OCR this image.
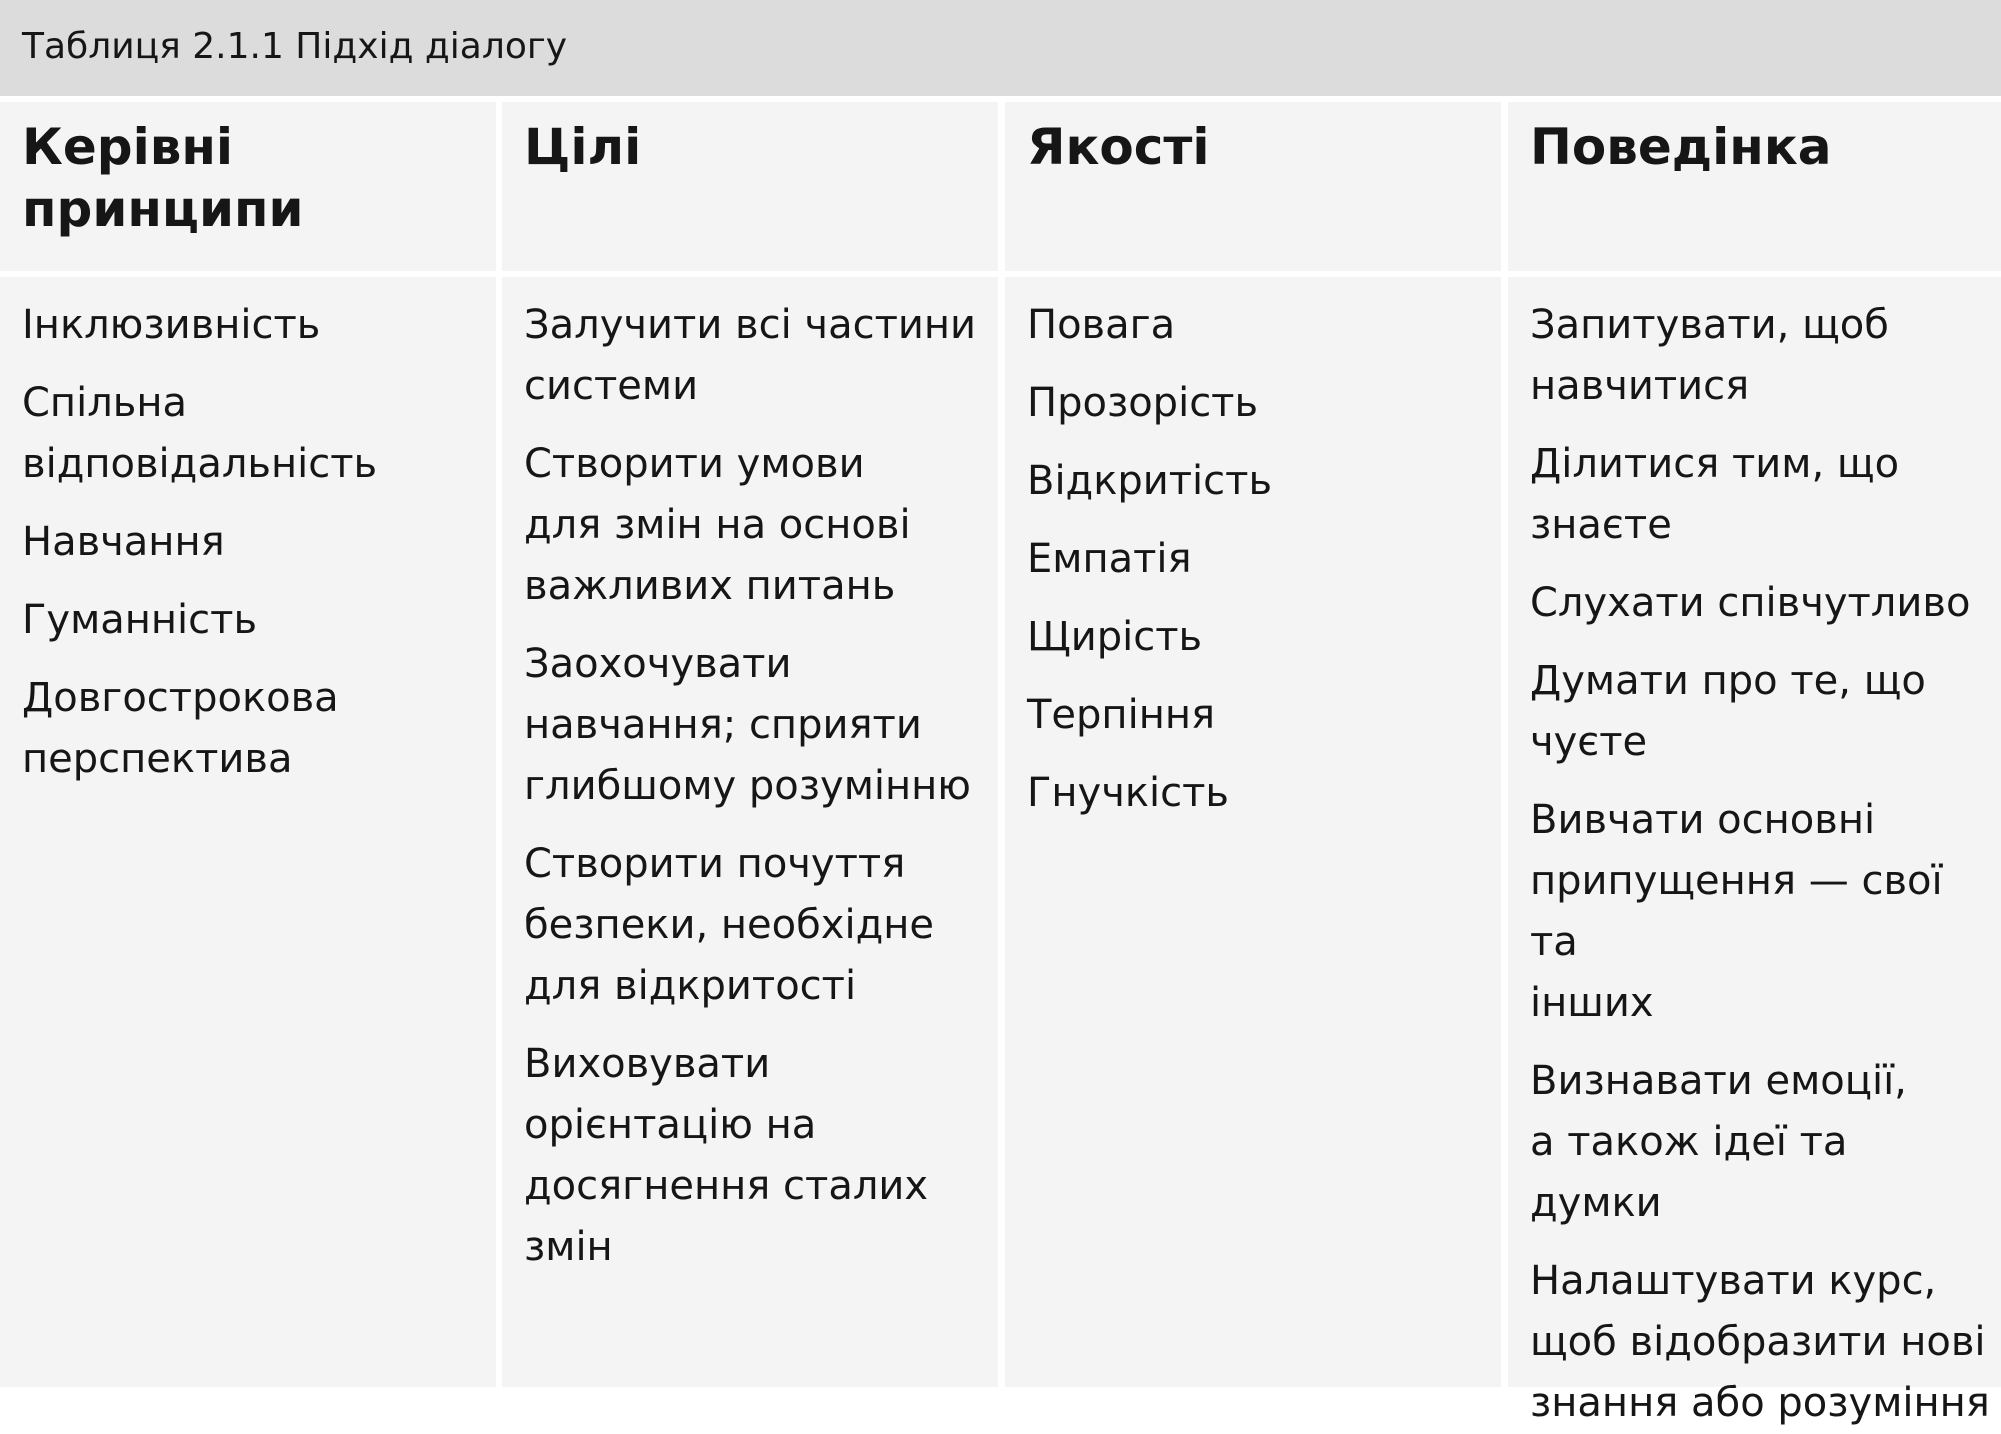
Таблиця 2.1.1 Підхід діалогу
Керівні
принципи
Цілі	Якості	Поведінка
Інклюзивність
Спільна
відповідальність
Навчання
Гуманність
Довгострокова
перспектива
Залучити всі частини
системи
Створити умови
для змін на основі
важливих питань
Заохочувати
навчання; сприяти
глибшому розумінню
Створити почуття
безпеки, необхідне
для відкритості
Виховувати
орієнтацію на
досягнення сталих
змін
Повага
Прозорість
Відкритість
Емпатія
Щирість
Терпіння
Гнучкість
Запитувати, щоб
навчитися
Ділитися тим, що
знаєте
Слухати співчутливо
Думати про те, що
чуєте
Вивчати основні
припущення — свої та
інших
Визнавати емоції,
а також ідеї та думки
Налаштувати курс,
щоб відобразити нові
знання або розуміння
